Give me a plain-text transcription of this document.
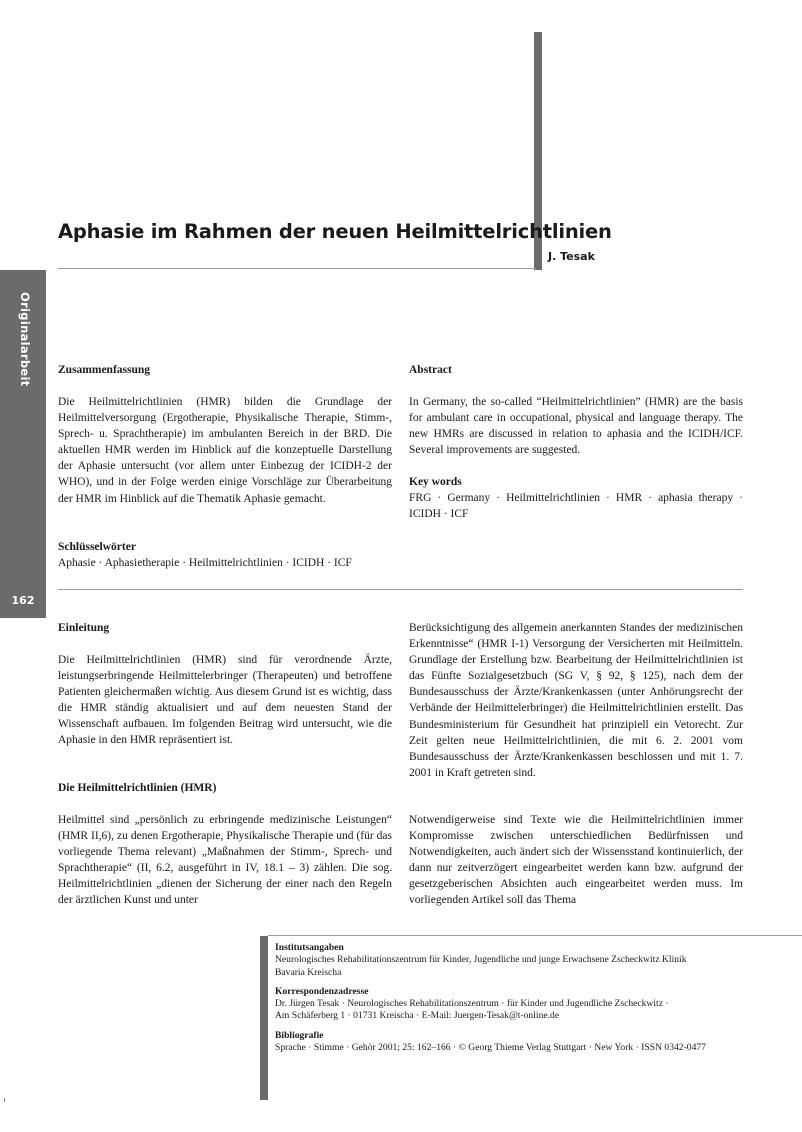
Aphasie im Rahmen der neuen Heilmittelrichtlinien
J. Tesak
Originalarbeit
162
Zusammenfassung

Die Heilmittelrichtlinien (HMR) bilden die Grundlage der Heilmittelversorgung (Ergotherapie, Physikalische Therapie, Stimm-, Sprech- u. Sprachtherapie) im ambulanten Bereich in der BRD. Die aktuellen HMR werden im Hinblick auf die konzeptuelle Darstellung der Aphasie untersucht (vor allem unter Einbezug der ICIDH-2 der WHO), und in der Folge werden einige Vorschläge zur Überarbeitung der HMR im Hinblick auf die Thematik Aphasie gemacht.

Schlüsselwörter

Aphasie · Aphasietherapie · Heilmittelrichtlinien · ICIDH · ICF

Abstract

In Germany, the so-called “Heilmittelrichtlinien” (HMR) are the basis for ambulant care in occupational, physical and language therapy. The new HMRs are discussed in relation to aphasia and the ICIDH/ICF. Several improvements are suggested.

Key words

FRG · Germany · Heilmittelrichtlinien · HMR · aphasia therapy · ICIDH · ICF

Einleitung

Die Heilmittelrichtlinien (HMR) sind für verordnende Ärzte, leistungserbringende Heilmittelerbringer (Therapeuten) und betroffene Patienten gleichermaßen wichtig. Aus diesem Grund ist es wichtig, dass die HMR ständig aktualisiert und auf dem neuesten Stand der Wissenschaft aufbauen. Im folgenden Beitrag wird untersucht, wie die Aphasie in den HMR repräsentiert ist.

Die Heilmittelrichtlinien (HMR)

Heilmittel sind „persönlich zu erbringende medizinische Leistungen“ (HMR II,6), zu denen Ergotherapie, Physikalische Therapie und (für das vorliegende Thema relevant) „Maßnahmen der Stimm-, Sprech- und Sprachtherapie“ (II, 6.2, ausgeführt in IV, 18.1 – 3) zählen. Die sog. Heilmittelrichtlinien „dienen der Sicherung der einer nach den Regeln der ärztlichen Kunst und unter

Berücksichtigung des allgemein anerkannten Standes der medizinischen Erkenntnisse“ (HMR I-1) Versorgung der Versicherten mit Heilmitteln. Grundlage der Erstellung bzw. Bearbeitung der Heilmittelrichtlinien ist das Fünfte Sozialgesetzbuch (SG V, § 92, § 125), nach dem der Bundesausschuss der Ärzte/Krankenkassen (unter Anhörungsrecht der Verbände der Heilmittelerbringer) die Heilmittelrichtlinien erstellt. Das Bundesministerium für Gesundheit hat prinzipiell ein Vetorecht. Zur Zeit gelten neue Heilmittelrichtlinien, die mit 6. 2. 2001 vom Bundesausschuss der Ärzte/Krankenkassen beschlossen und mit 1. 7. 2001 in Kraft getreten sind.

Notwendigerweise sind Texte wie die Heilmittelrichtlinien immer Kompromisse zwischen unterschiedlichen Bedürfnissen und Notwendigkeiten, auch ändert sich der Wissensstand kontinuierlich, der dann nur zeitverzögert eingearbeitet werden kann bzw. aufgrund der gesetzgeberischen Absichten auch eingearbeitet werden muss. Im vorliegenden Artikel soll das Thema

Institutsangaben
Neurologisches Rehabilitationszentrum für Kinder, Jugendliche und junge Erwachsene Zscheckwitz Klinik
Bavaria Kreischa
Korrespondenzadresse
Dr. Jürgen Tesak · Neurologisches Rehabilitationszentrum · für Kinder und Jugendliche Zscheckwitz ·
Am Schäferberg 1 · 01731 Kreischa · E-Mail: Juergen-Tesak@t-online.de
Bibliografie
Sprache · Stimme · Gehör 2001; 25: 162–166 · © Georg Thieme Verlag Stuttgart · New York · ISSN 0342-0477
